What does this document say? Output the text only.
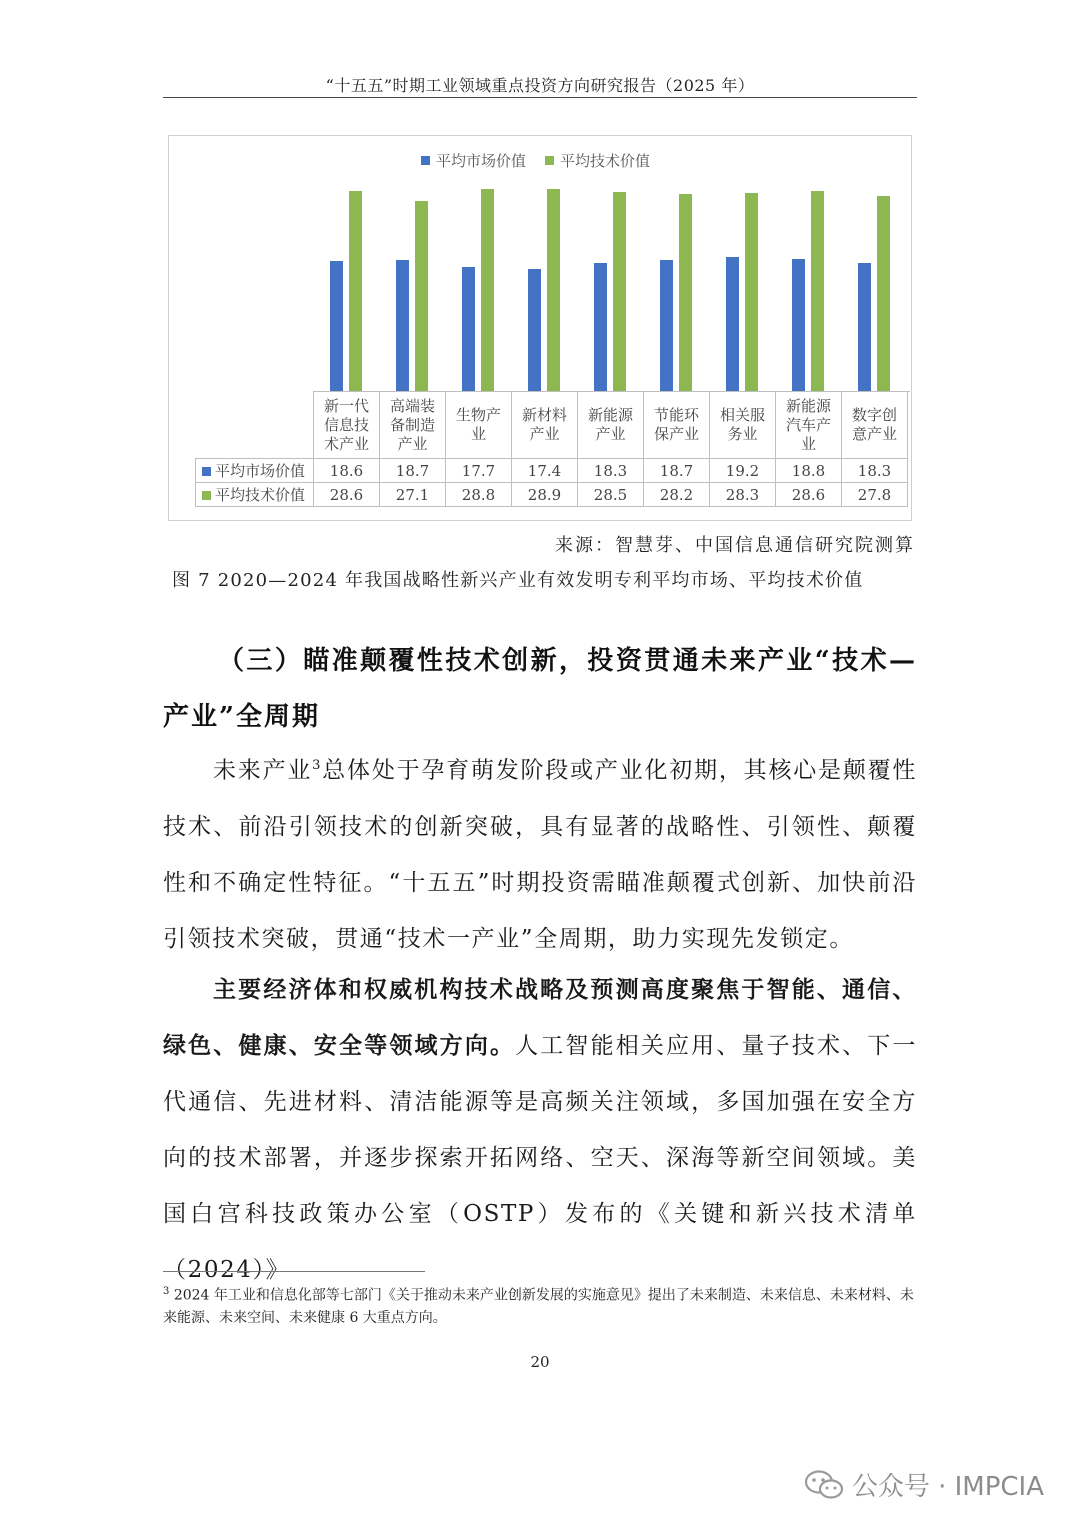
“十五五”时期工业领域重点投资方向研究报告（2025 年）
平均市场价值 平均技术价值
	新一代信息技术产业	高端装备制造产业	生物产业	新材料产业	新能源产业	节能环保产业	相关服务业	新能源汽车产业	数字创意产业
平均市场价值	18.6	18.7	17.7	17.4	18.3	18.7	19.2	18.8	18.3
平均技术价值	28.6	27.1	28.8	28.9	28.5	28.2	28.3	28.6	27.8
来源：智慧芽、中国信息通信研究院测算
图 7 2020—2024 年我国战略性新兴产业有效发明专利平均市场、平均技术价值
（三）瞄准颠覆性技术创新，投资贯通未来产业“技术—产业”全周期
未来产业$^3$总体处于孕育萌发阶段或产业化初期，其核心是颠覆性技术、前沿引领技术的创新突破，具有显著的战略性、引领性、颠覆性和不确定性特征。“十五五”时期投资需瞄准颠覆式创新、加快前沿引领技术突破，贯通“技术一产业”全周期，助力实现先发锁定。
主要经济体和权威机构技术战略及预测高度聚焦于智能、通信、绿色、健康、安全等领域方向。人工智能相关应用、量子技术、下一代通信、先进材料、清洁能源等是高频关注领域，多国加强在安全方向的技术部署，并逐步探索开拓网络、空天、深海等新空间领域。美国白宫科技政策办公室（OSTP）发布的《关键和新兴技术清单（2024）》
$^3$ 2024 年工业和信息化部等七部门《关于推动未来产业创新发展的实施意见》提出了未来制造、未来信息、未来材料、未来能源、未来空间、未来健康 6 大重点方向。
20
公众号 · IMPCIA
